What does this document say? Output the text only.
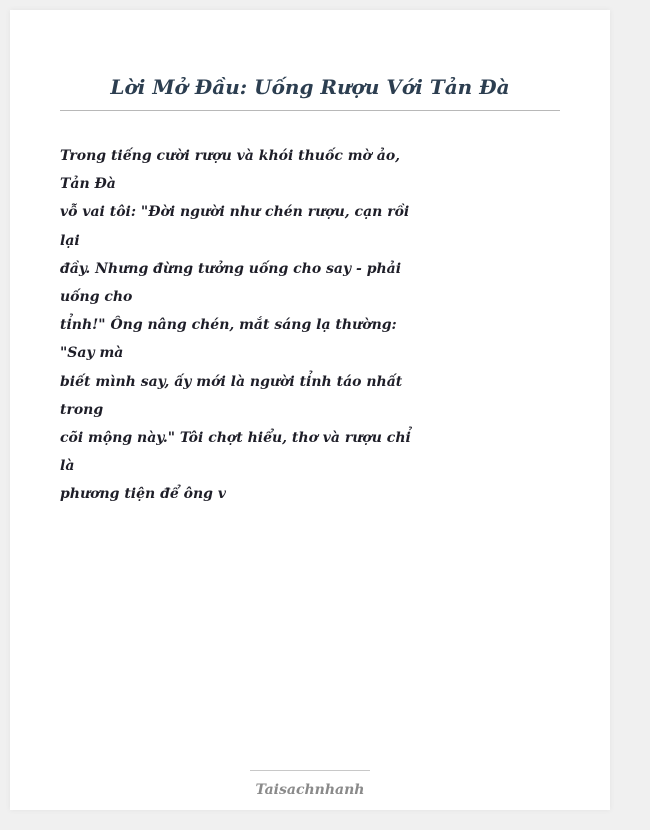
Lời Mở Đầu: Uống Rượu Với Tản Đà
Trong tiếng cười rượu và khói thuốc mờ ảo,
Tản Đà
vỗ vai tôi: "Đời người như chén rượu, cạn rồi
lại
đầy. Nhưng đừng tưởng uống cho say - phải
uống cho
tỉnh!" Ông nâng chén, mắt sáng lạ thường:
"Say mà
biết mình say, ấy mới là người tỉnh táo nhất
trong
cõi mộng này." Tôi chợt hiểu, thơ và rượu chỉ
là
phương tiện để ông v
Taisachnhanh
